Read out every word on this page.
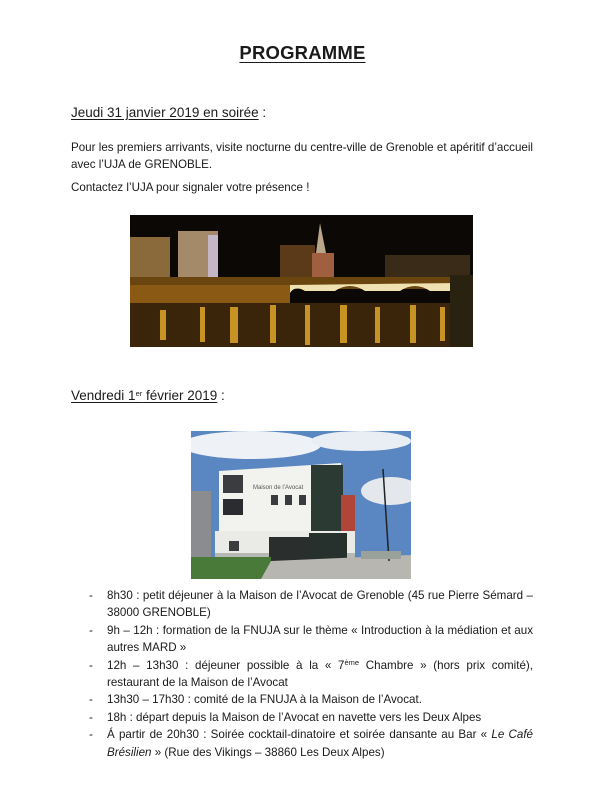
PROGRAMME
Jeudi 31 janvier 2019 en soirée :
Pour les premiers arrivants, visite nocturne du centre-ville de Grenoble et apéritif d’accueil avec l’UJA de GRENOBLE.
Contactez l’UJA pour signaler votre présence !
Vendredi 1er février 2019 :
Maison de l’Avocat
- 8h30 : petit déjeuner à la Maison de l’Avocat de Grenoble (45 rue Pierre Sémard – 38000 GRENOBLE)
- 9h – 12h : formation de la FNUJA sur le thème « Introduction à la médiation et aux autres MARD »
- 12h – 13h30 : déjeuner possible à la « 7ème Chambre » (hors prix comité), restaurant de la Maison de l’Avocat
- 13h30 – 17h30 : comité de la FNUJA à la Maison de l’Avocat.
- 18h : départ depuis la Maison de l’Avocat en navette vers les Deux Alpes
- Á partir de 20h30 : Soirée cocktail-dinatoire et soirée dansante au Bar « Le Café Brésilien » (Rue des Vikings – 38860 Les Deux Alpes)
